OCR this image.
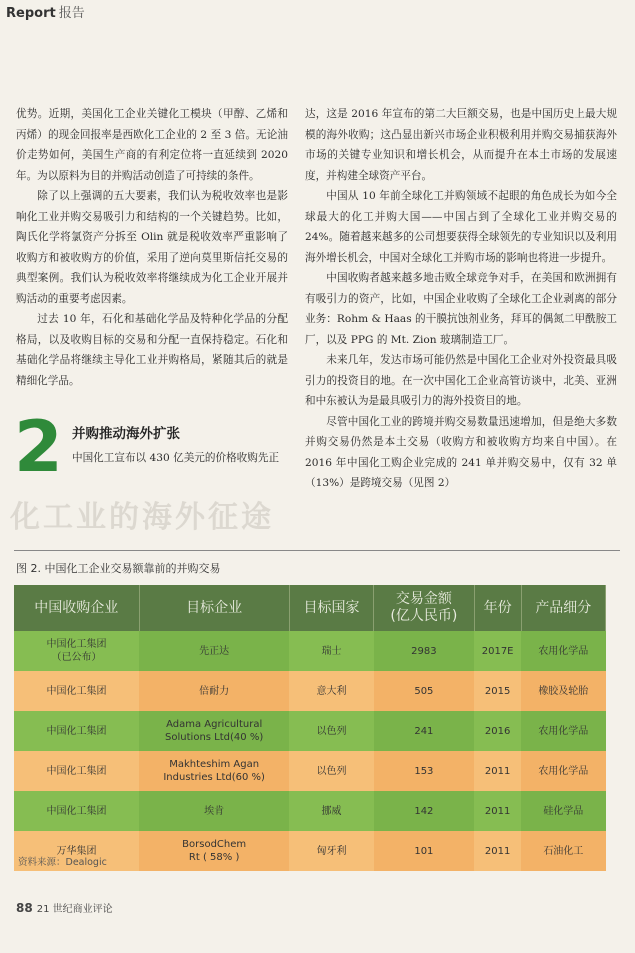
Report 报告

优势。近期，美国化工企业关键化工模块（甲醇、乙烯和丙烯）的现金回报率是西欧化工企业的 2 至 3 倍。无论油价走势如何，美国生产商的有利定位将一直延续到 2020 年。为以原料为目的并购活动创造了可持续的条件。

除了以上强调的五大要素，我们认为税收效率也是影响化工业并购交易吸引力和结构的一个关键趋势。比如，陶氏化学将氯资产分拆至 Olin 就是税收效率严重影响了收购方和被收购方的价值，采用了逆向莫里斯信托交易的典型案例。我们认为税收效率将继续成为化工企业开展并购活动的重要考虑因素。

过去 10 年，石化和基础化学品及特种化学品的分配格局，以及收购目标的交易和分配一直保持稳定。石化和基础化学品将继续主导化工业并购格局，紧随其后的就是精细化学品。

2 并购推动海外扩张
中国化工宣布以 430 亿美元的价格收购先正
化工业的海外征途

达，这是 2016 年宣布的第二大巨额交易，也是中国历史上最大规模的海外收购；这凸显出新兴市场企业积极利用并购交易捕获海外市场的关键专业知识和增长机会，从而提升在本土市场的发展速度，并构建全球资产平台。

中国从 10 年前全球化工并购领域不起眼的角色成长为如今全球最大的化工并购大国——中国占到了全球化工业并购交易的 24%。随着越来越多的公司想要获得全球领先的专业知识以及利用海外增长机会，中国对全球化工并购市场的影响也将进一步提升。

中国收购者越来越多地击败全球竞争对手，在美国和欧洲拥有有吸引力的资产，比如，中国企业收购了全球化工企业剥离的部分业务：Rohm & Haas 的干膜抗蚀剂业务，拜耳的偶氮二甲酰胺工厂，以及 PPG 的 Mt. Zion 玻璃制造工厂。

未来几年，发达市场可能仍然是中国化工企业对外投资最具吸引力的投资目的地。在一次中国化工企业高管访谈中，北美、亚洲和中东被认为是最具吸引力的海外投资目的地。

尽管中国化工业的跨境并购交易数量迅速增加，但是绝大多数并购交易仍然是本土交易（收购方和被收购方均来自中国）。在 2016 年中国化工购企业完成的 241 单并购交易中，仅有 32 单（13%）是跨境交易（见图 2）

图 2. 中国化工企业交易额靠前的并购交易
中国收购企业	目标企业	目标国家	交易金额
(亿人民币)	年份	产品细分
中国化工集团
（已公布）	先正达	瑞士	2983	2017E	农用化学品
中国化工集团	倍耐力	意大利	505	2015	橡胶及轮胎
中国化工集团	Adama Agricultural
Solutions Ltd(40 %)	以色列	241	2016	农用化学品
中国化工集团	Makhteshim Agan
Industries Ltd(60 %)	以色列	153	2011	农用化学品
中国化工集团	埃肯	挪威	142	2011	硅化学品
万华集团	BorsodChem
Rt ( 58% )	匈牙利	101	2011	石油化工
资料来源：Dealogic
88 21 世纪商业评论
